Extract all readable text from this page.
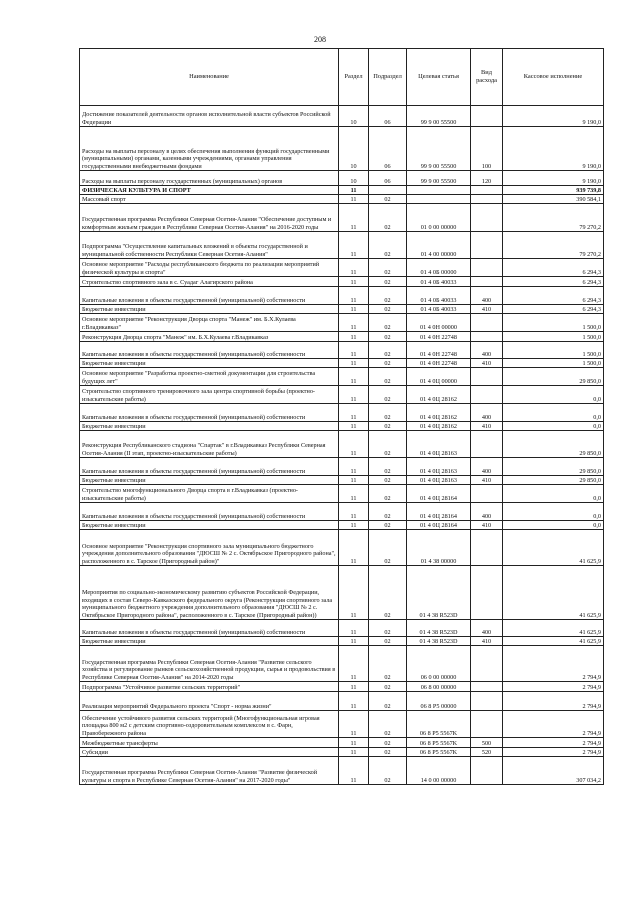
208
Наименование	Раздел	Подраздел	Целевая статья	Вид расхода	Кассовое исполнение
Достижение показателей деятельности органов исполнительной власти субъектов Российской Федерации	10	06	99 9 00 55500		9 190,0
Расходы на выплаты персоналу в целях обеспечения выполнения функций государственными (муниципальными) органами, казенными учреждениями, органами управления государственными внебюджетными фондами	10	06	99 9 00 55500	100	9 190,0
Расходы на выплаты персоналу государственных (муниципальных) органов	10	06	99 9 00 55500	120	9 190,0
ФИЗИЧЕСКАЯ КУЛЬТУРА И СПОРТ	11				939 739,8
Массовый спорт	11	02			390 584,1
Государственная программа Республики Северная Осетия-Алания "Обеспечение доступным и комфортным жильем граждан в Республике Северная Осетия-Алания" на 2016-2020 годы	11	02	01 0 00 00000		79 270,2
Подпрограмма "Осуществление капитальных вложений в объекты государственной и муниципальной собственности Республики Северная Осетия-Алания"	11	02	01 4 00 00000		79 270,2
Основное мероприятие "Расходы республиканского бюджета по реализации мероприятий физической культуры и спорта"	11	02	01 4 0Б 00000		6 294,3
Строительство спортивного зала в с. Суадаг Алагирского района	11	02	01 4 0Б 40033		6 294,3
Капитальные вложения в объекты государственной (муниципальной) собственности	11	02	01 4 0Б 40033	400	6 294,3
Бюджетные инвестиции	11	02	01 4 0Б 40033	410	6 294,3
Основное мероприятие "Реконструкция Дворца спорта "Манеж" им. Б.Х.Кулаева г.Владикавказ"	11	02	01 4 0Н 00000		1 500,0
Реконструкция Дворца спорта "Манеж" им. Б.Х.Кулаева г.Владикавказ	11	02	01 4 0Н 22748		1 500,0
Капитальные вложения в объекты государственной (муниципальной) собственности	11	02	01 4 0Н 22748	400	1 500,0
Бюджетные инвестиции	11	02	01 4 0Н 22748	410	1 500,0
Основное мероприятие "Разработка проектно-сметной документации для строительства будущих лет"	11	02	01 4 0Ц 00000		29 850,0
Строительство спортивного тренировочного зала центра спортивной борьбы (проектно-изыскательские работы)	11	02	01 4 0Ц 28162		0,0
Капитальные вложения в объекты государственной (муниципальной) собственности	11	02	01 4 0Ц 28162	400	0,0
Бюджетные инвестиции	11	02	01 4 0Ц 28162	410	0,0
Реконструкция Республиканского стадиона "Спартак" в г.Владикавказ Республики Северная Осетия-Алания (II этап, проектно-изыскательские работы)	11	02	01 4 0Ц 28163		29 850,0
Капитальные вложения в объекты государственной (муниципальной) собственности	11	02	01 4 0Ц 28163	400	29 850,0
Бюджетные инвестиции	11	02	01 4 0Ц 28163	410	29 850,0
Строительство многофункционального Дворца спорта в г.Владикавказ (проектно-изыскательские работы)	11	02	01 4 0Ц 28164		0,0
Капитальные вложения в объекты государственной (муниципальной) собственности	11	02	01 4 0Ц 28164	400	0,0
Бюджетные инвестиции	11	02	01 4 0Ц 28164	410	0,0
Основное мероприятие "Реконструкция спортивного зала муниципального бюджетного учреждения дополнительного образования "ДЮСШ № 2 с. Октябрьское Пригородного района", расположенного в с. Тарское (Пригородный район)"	11	02	01 4 38 00000		41 625,9
Мероприятия по социально-экономическому развитию субъектов Российской Федерации, входящих в состав Северо-Кавказского федерального округа (Реконструкция спортивного зала муниципального бюджетного учреждения дополнительного образования "ДЮСШ № 2 с. Октябрьское Пригородного района", расположенного в с. Тарское (Пригородный район))	11	02	01 4 38 R523D		41 625,9
Капитальные вложения в объекты государственной (муниципальной) собственности	11	02	01 4 38 R523D	400	41 625,9
Бюджетные инвестиции	11	02	01 4 38 R523D	410	41 625,9
Государственная программа Республики Северная Осетия-Алания "Развитие сельского хозяйства и регулирование рынков сельскохозяйственной продукции, сырья и продовольствия в Республике Северная Осетия-Алания" на 2014-2020 годы	11	02	06 0 00 00000		2 794,9
Подпрограмма "Устойчивое развитие сельских территорий"	11	02	06 8 00 00000		2 794,9
Реализация мероприятий Федерального проекта "Спорт - норма жизни"	11	02	06 8 P5 00000		2 794,9
Обеспечение устойчивого развития сельских территорий (Многофункциональная игровая площадка 800 м2 с детским спортивно-оздоровительным комплексом в с. Фарн, Правобережного района	11	02	06 8 P5 5567K		2 794,9
Межбюджетные трансферты	11	02	06 8 P5 5567K	500	2 794,9
Субсидии	11	02	06 8 P5 5567K	520	2 794,9
Государственная программа Республики Северная Осетия-Алания "Развитие физической культуры и спорта в Республике Северная Осетия-Алания" на 2017-2020 годы"	11	02	14 0 00 00000		307 034,2
